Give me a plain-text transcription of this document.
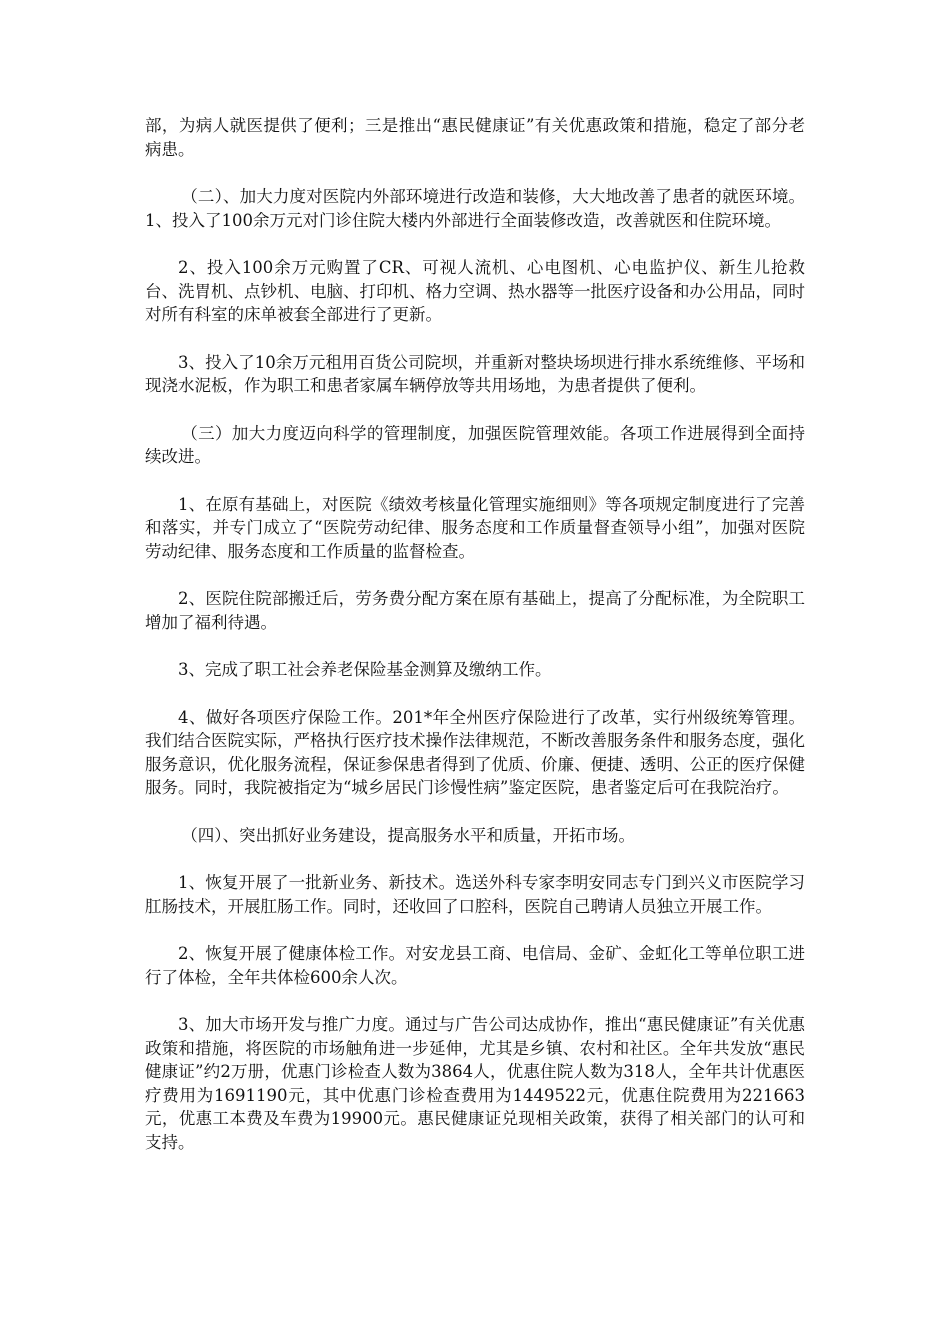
部，为病人就医提供了便利；三是推出“惠民健康证”有关优惠政策和措施，稳定了部分老病患。

（二）、加大力度对医院内外部环境进行改造和装修，大大地改善了患者的就医环境。1、投入了100余万元对门诊住院大楼内外部进行全面装修改造，改善就医和住院环境。

2、投入100余万元购置了CR、可视人流机、心电图机、心电监护仪、新生儿抢救台、洗胃机、点钞机、电脑、打印机、格力空调、热水器等一批医疗设备和办公用品，同时对所有科室的床单被套全部进行了更新。

3、投入了10余万元租用百货公司院坝，并重新对整块场坝进行排水系统维修、平场和现浇水泥板，作为职工和患者家属车辆停放等共用场地，为患者提供了便利。

（三）加大力度迈向科学的管理制度，加强医院管理效能。各项工作进展得到全面持续改进。

1、在原有基础上，对医院《绩效考核量化管理实施细则》等各项规定制度进行了完善和落实，并专门成立了“医院劳动纪律、服务态度和工作质量督查领导小组”，加强对医院劳动纪律、服务态度和工作质量的监督检查。

2、医院住院部搬迁后，劳务费分配方案在原有基础上，提高了分配标准，为全院职工增加了福利待遇。

3、完成了职工社会养老保险基金测算及缴纳工作。

4、做好各项医疗保险工作。201*年全州医疗保险进行了改革，实行州级统筹管理。我们结合医院实际，严格执行医疗技术操作法律规范，不断改善服务条件和服务态度，强化服务意识，优化服务流程，保证参保患者得到了优质、价廉、便捷、透明、公正的医疗保健服务。同时，我院被指定为“城乡居民门诊慢性病”鉴定医院，患者鉴定后可在我院治疗。

（四）、突出抓好业务建设，提高服务水平和质量，开拓市场。

1、恢复开展了一批新业务、新技术。选送外科专家李明安同志专门到兴义市医院学习肛肠技术，开展肛肠工作。同时，还收回了口腔科，医院自己聘请人员独立开展工作。

2、恢复开展了健康体检工作。对安龙县工商、电信局、金矿、金虹化工等单位职工进行了体检，全年共体检600余人次。

3、加大市场开发与推广力度。通过与广告公司达成协作，推出“惠民健康证”有关优惠政策和措施，将医院的市场触角进一步延伸，尤其是乡镇、农村和社区。全年共发放“惠民健康证”约2万册，优惠门诊检查人数为3864人，优惠住院人数为318人，全年共计优惠医疗费用为1691190元，其中优惠门诊检查费用为1449522元，优惠住院费用为221663元，优惠工本费及车费为19900元。惠民健康证兑现相关政策，获得了相关部门的认可和支持。
